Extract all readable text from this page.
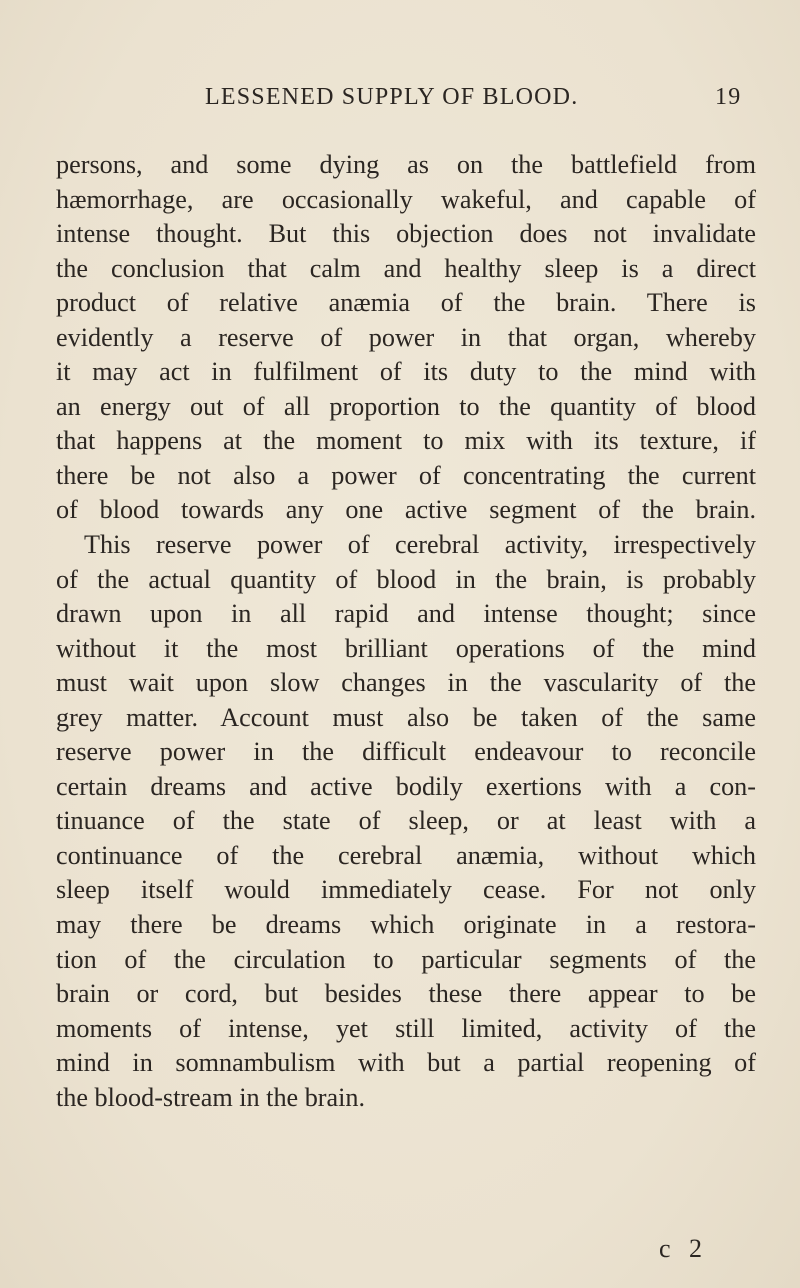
LESSENED SUPPLY OF BLOOD.	19
persons, and some dying as on the battlefield from
hæmorrhage, are occasionally wakeful, and capable of
intense thought. But this objection does not invalidate
the conclusion that calm and healthy sleep is a direct
product of relative anæmia of the brain. There is
evidently a reserve of power in that organ, whereby
it may act in fulfilment of its duty to the mind with
an energy out of all proportion to the quantity of blood
that happens at the moment to mix with its texture, if
there be not also a power of concentrating the current
of blood towards any one active segment of the brain.
This reserve power of cerebral activity, irrespectively
of the actual quantity of blood in the brain, is probably
drawn upon in all rapid and intense thought; since
without it the most brilliant operations of the mind
must wait upon slow changes in the vascularity of the
grey matter. Account must also be taken of the same
reserve power in the difficult endeavour to reconcile
certain dreams and active bodily exertions with a con-
tinuance of the state of sleep, or at least with a
continuance of the cerebral anæmia, without which
sleep itself would immediately cease. For not only
may there be dreams which originate in a restora-
tion of the circulation to particular segments of the
brain or cord, but besides these there appear to be
moments of intense, yet still limited, activity of the
mind in somnambulism with but a partial reopening of
the blood-stream in the brain.
c 2
